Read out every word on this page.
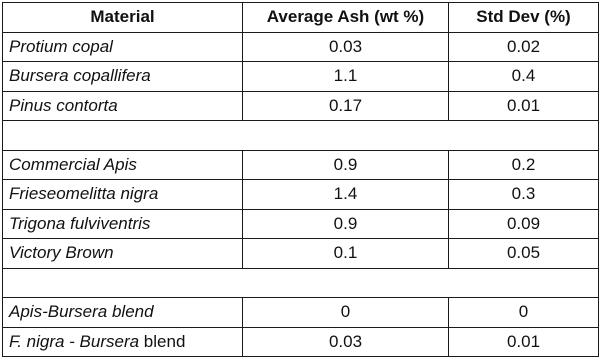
Material	Average Ash (wt %)	Std Dev (%)
Protium copal	0.03	0.02
Bursera copallifera	1.1	0.4
Pinus contorta	0.17	0.01

Commercial Apis	0.9	0.2
Frieseomelitta nigra	1.4	0.3
Trigona fulviventris	0.9	0.09
Victory Brown	0.1	0.05

Apis-Bursera blend	0	0
F. nigra - Bursera blend	0.03	0.01
